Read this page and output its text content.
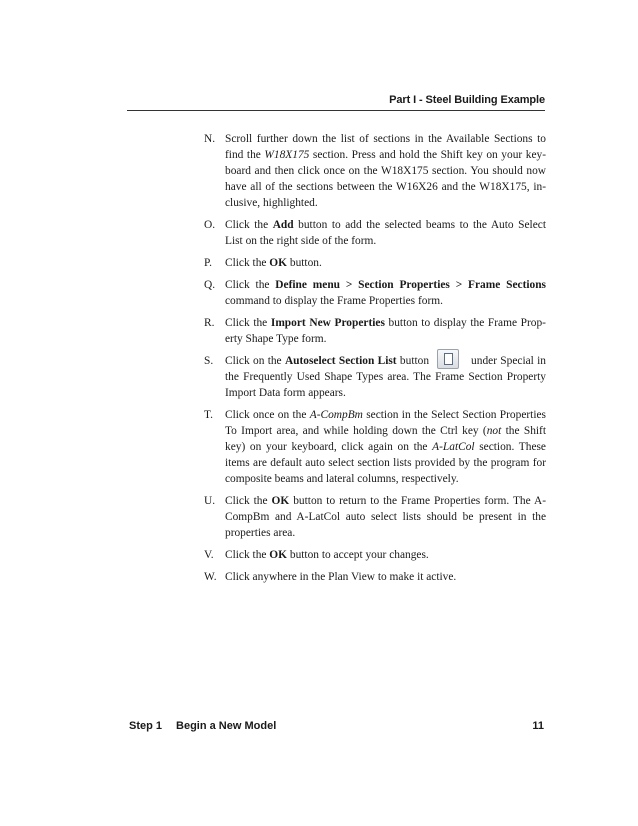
Part I - Steel Building Example
N. Scroll further down the list of sections in the Available Sections to find the W18X175 section. Press and hold the Shift key on your key-board and then click once on the W18X175 section. You should now have all of the sections between the W16X26 and the W18X175, in-clusive, highlighted.
O. Click the Add button to add the selected beams to the Auto Select List on the right side of the form.
P.	Click the OK button.
Q. Click the Define menu > Section Properties > Frame Sections command to display the Frame Properties form.
R. Click the Import New Properties button to display the Frame Prop-erty Shape Type form.
S.	Click on the Autoselect Section List button	under Special in the Frequently Used Shape Types area. The Frame Section Property Import Data form appears.
T.	Click once on the A-CompBm section in the Select Section Properties To Import area, and while holding down the Ctrl key (not the Shift key) on your keyboard, click again on the A-LatCol section. These items are default auto select section lists provided by the program for composite beams and lateral columns, respectively.
U. Click the OK button to return to the Frame Properties form. The A-CompBm and A-LatCol auto select lists should be present in the properties area.
V. Click the OK button to accept your changes.
W. Click anywhere in the Plan View to make it active.
Step 1 Begin a New Model	11
